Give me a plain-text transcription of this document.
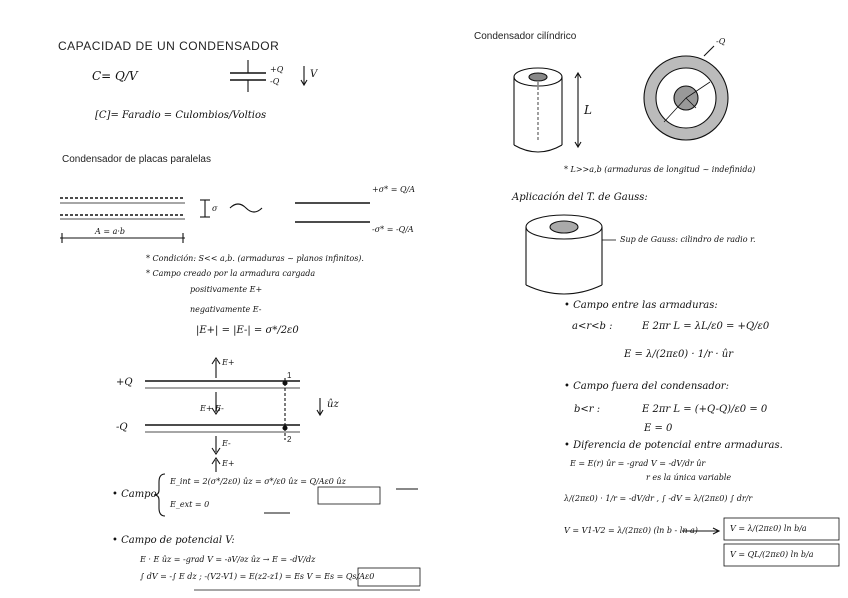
CAPACIDAD DE UN CONDENSADOR
C= Q/V	+Q
-Q
V
[C]= Faradio = Culombios/Voltios
Condensador de placas paralelas
+σ* = Q/A
-σ* = -Q/A
σ
A = a·b
* Condición: S<< a,b. (armaduras ~ planos infinitos).
* Campo creado por la armadura cargada
positivamente E+
negativamente E-
|E+| = |E-| = σ*/2ε0
+Q
-Q
E+
E+ E-
E-
E+
ûz
1
2
• Campo
E_int = 2(σ*/2ε0) ûz = σ*/ε0 ûz = Q/Aε0 ûz
E_ext = 0
• Campo de potencial V:
E · E ûz = -grad V = -∂V/∂z ûz → E = -dV/dz
∫ dV = -∫ E dz ; -(V2-V1) = E(z2-z1) = Es V = Es = Qs/Aε0
Condensador cilíndrico	-Q
L
* L>>a,b (armaduras de longitud ~ indefinida)
Aplicación del T. de Gauss:
Sup de Gauss: cilindro de radio r.
• Campo entre las armaduras:
a<r<b :	E 2πr L = λL/ε0 = +Q/ε0
E = λ/(2πε0) · 1/r · ûr
• Campo fuera del condensador:
b<r :	E 2πr L = (+Q-Q)/ε0 = 0
E = 0
• Diferencia de potencial entre armaduras.
E = E(r) ûr = -grad V = -dV/dr ûr
r es la única variable
λ/(2πε0) · 1/r = -dV/dr , ∫ -dV = λ/(2πε0) ∫ dr/r
V = V1-V2 = λ/(2πε0) (ln b - ln a)	V = λ/(2πε0) ln b/a
V = QL/(2πε0) ln b/a
